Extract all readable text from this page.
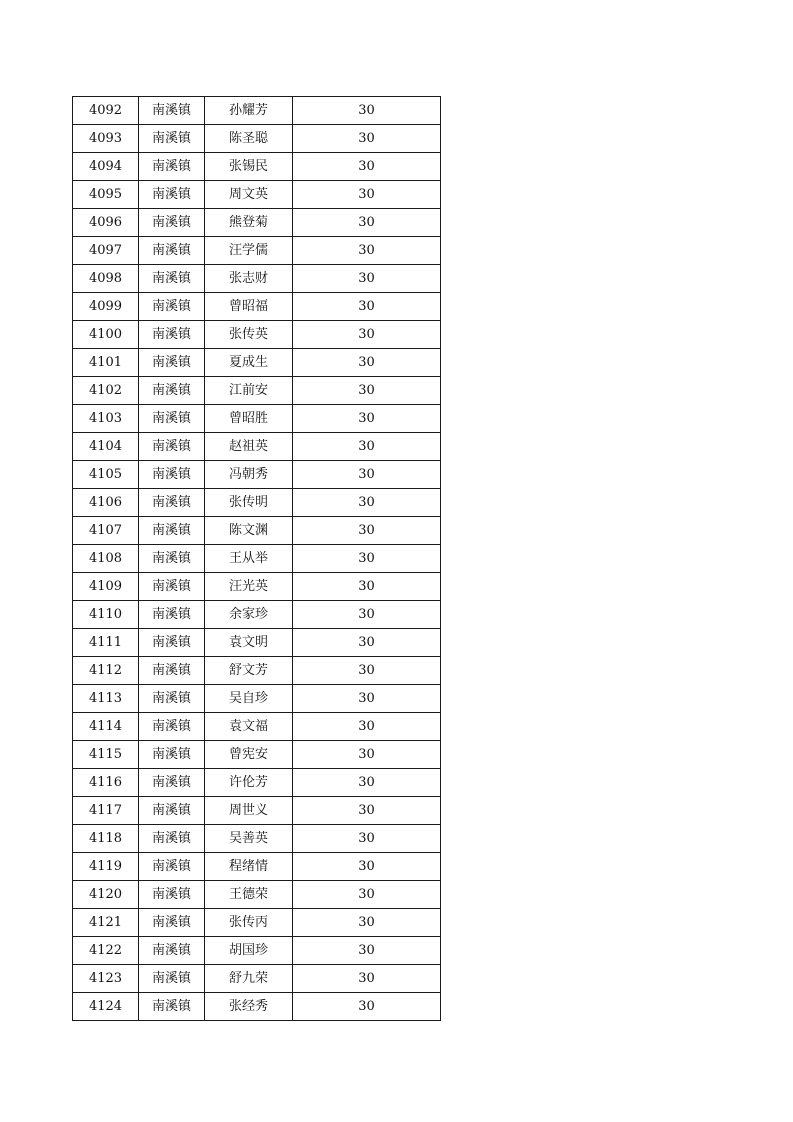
4092	南溪镇	孙耀芳	30
4093	南溪镇	陈圣聪	30
4094	南溪镇	张锡民	30
4095	南溪镇	周文英	30
4096	南溪镇	熊登菊	30
4097	南溪镇	汪学儒	30
4098	南溪镇	张志财	30
4099	南溪镇	曾昭福	30
4100	南溪镇	张传英	30
4101	南溪镇	夏成生	30
4102	南溪镇	江前安	30
4103	南溪镇	曾昭胜	30
4104	南溪镇	赵祖英	30
4105	南溪镇	冯朝秀	30
4106	南溪镇	张传明	30
4107	南溪镇	陈文渊	30
4108	南溪镇	王从举	30
4109	南溪镇	汪光英	30
4110	南溪镇	余家珍	30
4111	南溪镇	袁文明	30
4112	南溪镇	舒文芳	30
4113	南溪镇	吴自珍	30
4114	南溪镇	袁文福	30
4115	南溪镇	曾宪安	30
4116	南溪镇	许伦芳	30
4117	南溪镇	周世义	30
4118	南溪镇	吴善英	30
4119	南溪镇	程绪情	30
4120	南溪镇	王德荣	30
4121	南溪镇	张传丙	30
4122	南溪镇	胡国珍	30
4123	南溪镇	舒九荣	30
4124	南溪镇	张经秀	30
